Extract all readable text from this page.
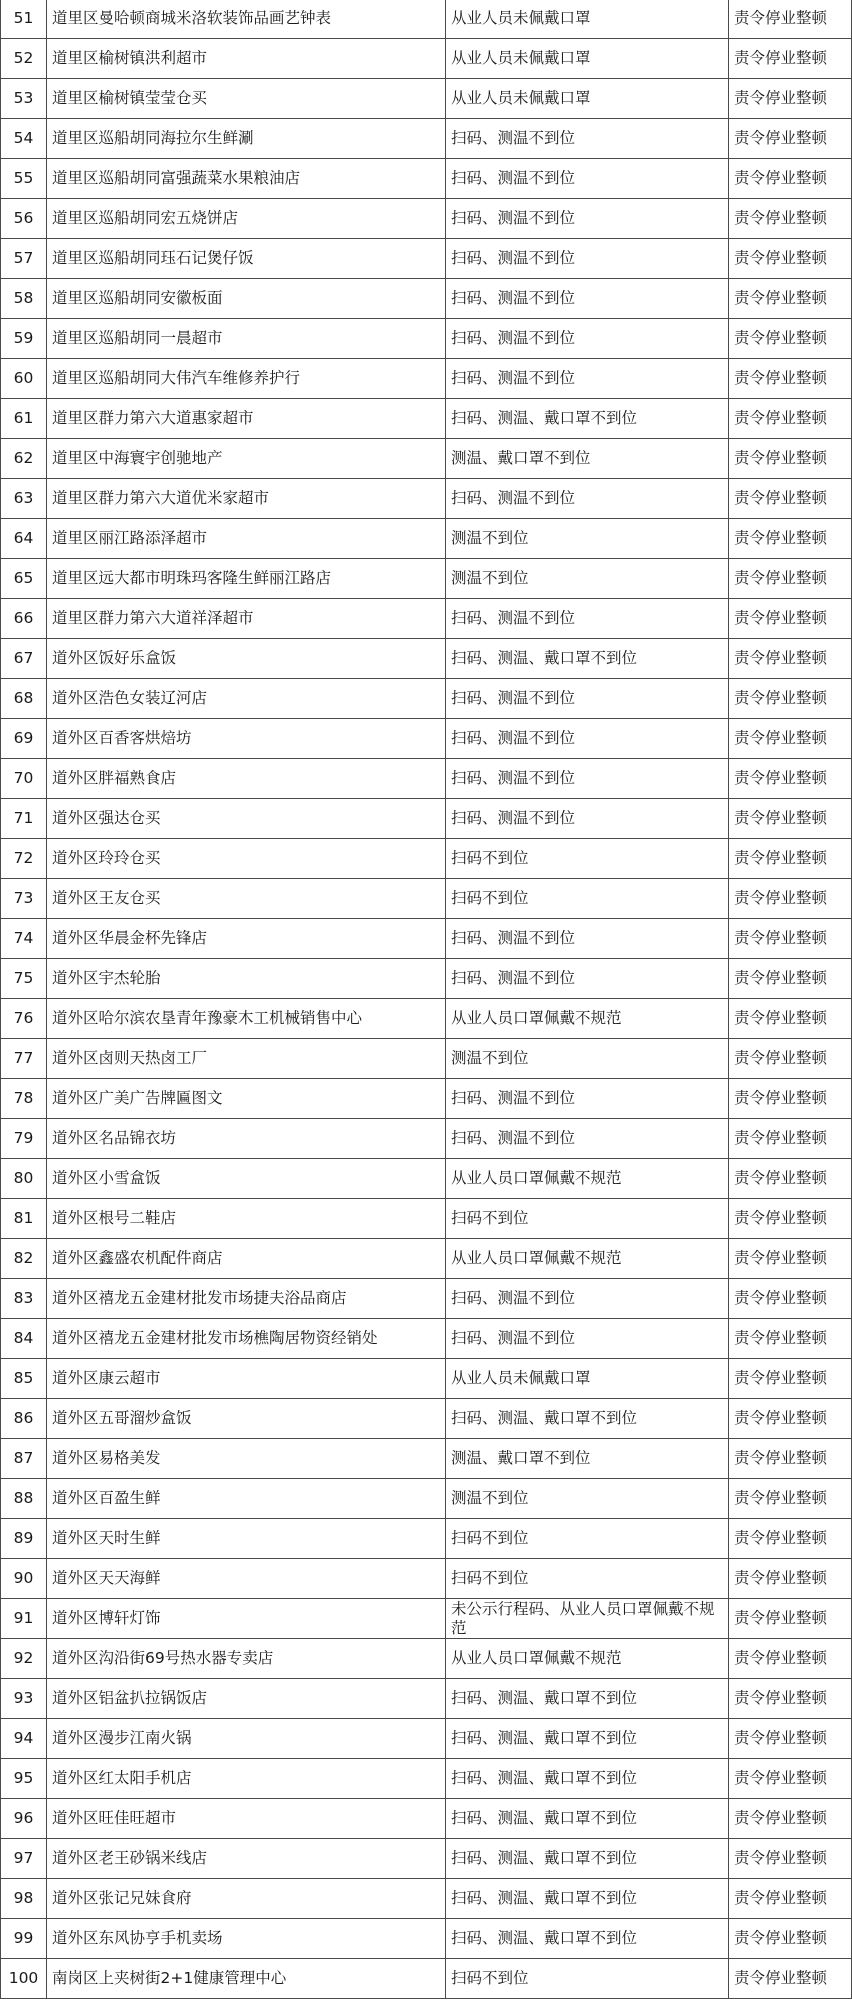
51	道里区曼哈顿商城米洛软装饰品画艺钟表	从业人员未佩戴口罩	责令停业整顿
52	道里区榆树镇洪利超市	从业人员未佩戴口罩	责令停业整顿
53	道里区榆树镇莹莹仓买	从业人员未佩戴口罩	责令停业整顿
54	道里区巡船胡同海拉尔生鲜涮	扫码、测温不到位	责令停业整顿
55	道里区巡船胡同富强蔬菜水果粮油店	扫码、测温不到位	责令停业整顿
56	道里区巡船胡同宏五烧饼店	扫码、测温不到位	责令停业整顿
57	道里区巡船胡同珏石记煲仔饭	扫码、测温不到位	责令停业整顿
58	道里区巡船胡同安徽板面	扫码、测温不到位	责令停业整顿
59	道里区巡船胡同一晨超市	扫码、测温不到位	责令停业整顿
60	道里区巡船胡同大伟汽车维修养护行	扫码、测温不到位	责令停业整顿
61	道里区群力第六大道惠家超市	扫码、测温、戴口罩不到位	责令停业整顿
62	道里区中海寰宇创驰地产	测温、戴口罩不到位	责令停业整顿
63	道里区群力第六大道优米家超市	扫码、测温不到位	责令停业整顿
64	道里区丽江路添泽超市	测温不到位	责令停业整顿
65	道里区远大都市明珠玛客隆生鲜丽江路店	测温不到位	责令停业整顿
66	道里区群力第六大道祥泽超市	扫码、测温不到位	责令停业整顿
67	道外区饭好乐盒饭	扫码、测温、戴口罩不到位	责令停业整顿
68	道外区浩色女装辽河店	扫码、测温不到位	责令停业整顿
69	道外区百香客烘焙坊	扫码、测温不到位	责令停业整顿
70	道外区胖福熟食店	扫码、测温不到位	责令停业整顿
71	道外区强达仓买	扫码、测温不到位	责令停业整顿
72	道外区玲玲仓买	扫码不到位	责令停业整顿
73	道外区王友仓买	扫码不到位	责令停业整顿
74	道外区华晨金杯先锋店	扫码、测温不到位	责令停业整顿
75	道外区宇杰轮胎	扫码、测温不到位	责令停业整顿
76	道外区哈尔滨农垦青年豫豪木工机械销售中心	从业人员口罩佩戴不规范	责令停业整顿
77	道外区卤则天热卤工厂	测温不到位	责令停业整顿
78	道外区广美广告牌匾图文	扫码、测温不到位	责令停业整顿
79	道外区名品锦衣坊	扫码、测温不到位	责令停业整顿
80	道外区小雪盒饭	从业人员口罩佩戴不规范	责令停业整顿
81	道外区根号二鞋店	扫码不到位	责令停业整顿
82	道外区鑫盛农机配件商店	从业人员口罩佩戴不规范	责令停业整顿
83	道外区禧龙五金建材批发市场捷夫浴品商店	扫码、测温不到位	责令停业整顿
84	道外区禧龙五金建材批发市场樵陶居物资经销处	扫码、测温不到位	责令停业整顿
85	道外区康云超市	从业人员未佩戴口罩	责令停业整顿
86	道外区五哥溜炒盒饭	扫码、测温、戴口罩不到位	责令停业整顿
87	道外区易格美发	测温、戴口罩不到位	责令停业整顿
88	道外区百盈生鲜	测温不到位	责令停业整顿
89	道外区天时生鲜	扫码不到位	责令停业整顿
90	道外区天天海鲜	扫码不到位	责令停业整顿
91	道外区博轩灯饰	未公示行程码、从业人员口罩佩戴不规范	责令停业整顿
92	道外区沟沿街69号热水器专卖店	从业人员口罩佩戴不规范	责令停业整顿
93	道外区铝盆扒拉锅饭店	扫码、测温、戴口罩不到位	责令停业整顿
94	道外区漫步江南火锅	扫码、测温、戴口罩不到位	责令停业整顿
95	道外区红太阳手机店	扫码、测温、戴口罩不到位	责令停业整顿
96	道外区旺佳旺超市	扫码、测温、戴口罩不到位	责令停业整顿
97	道外区老王砂锅米线店	扫码、测温、戴口罩不到位	责令停业整顿
98	道外区张记兄妹食府	扫码、测温、戴口罩不到位	责令停业整顿
99	道外区东风协亨手机卖场	扫码、测温、戴口罩不到位	责令停业整顿
100	南岗区上夹树街2+1健康管理中心	扫码不到位	责令停业整顿
